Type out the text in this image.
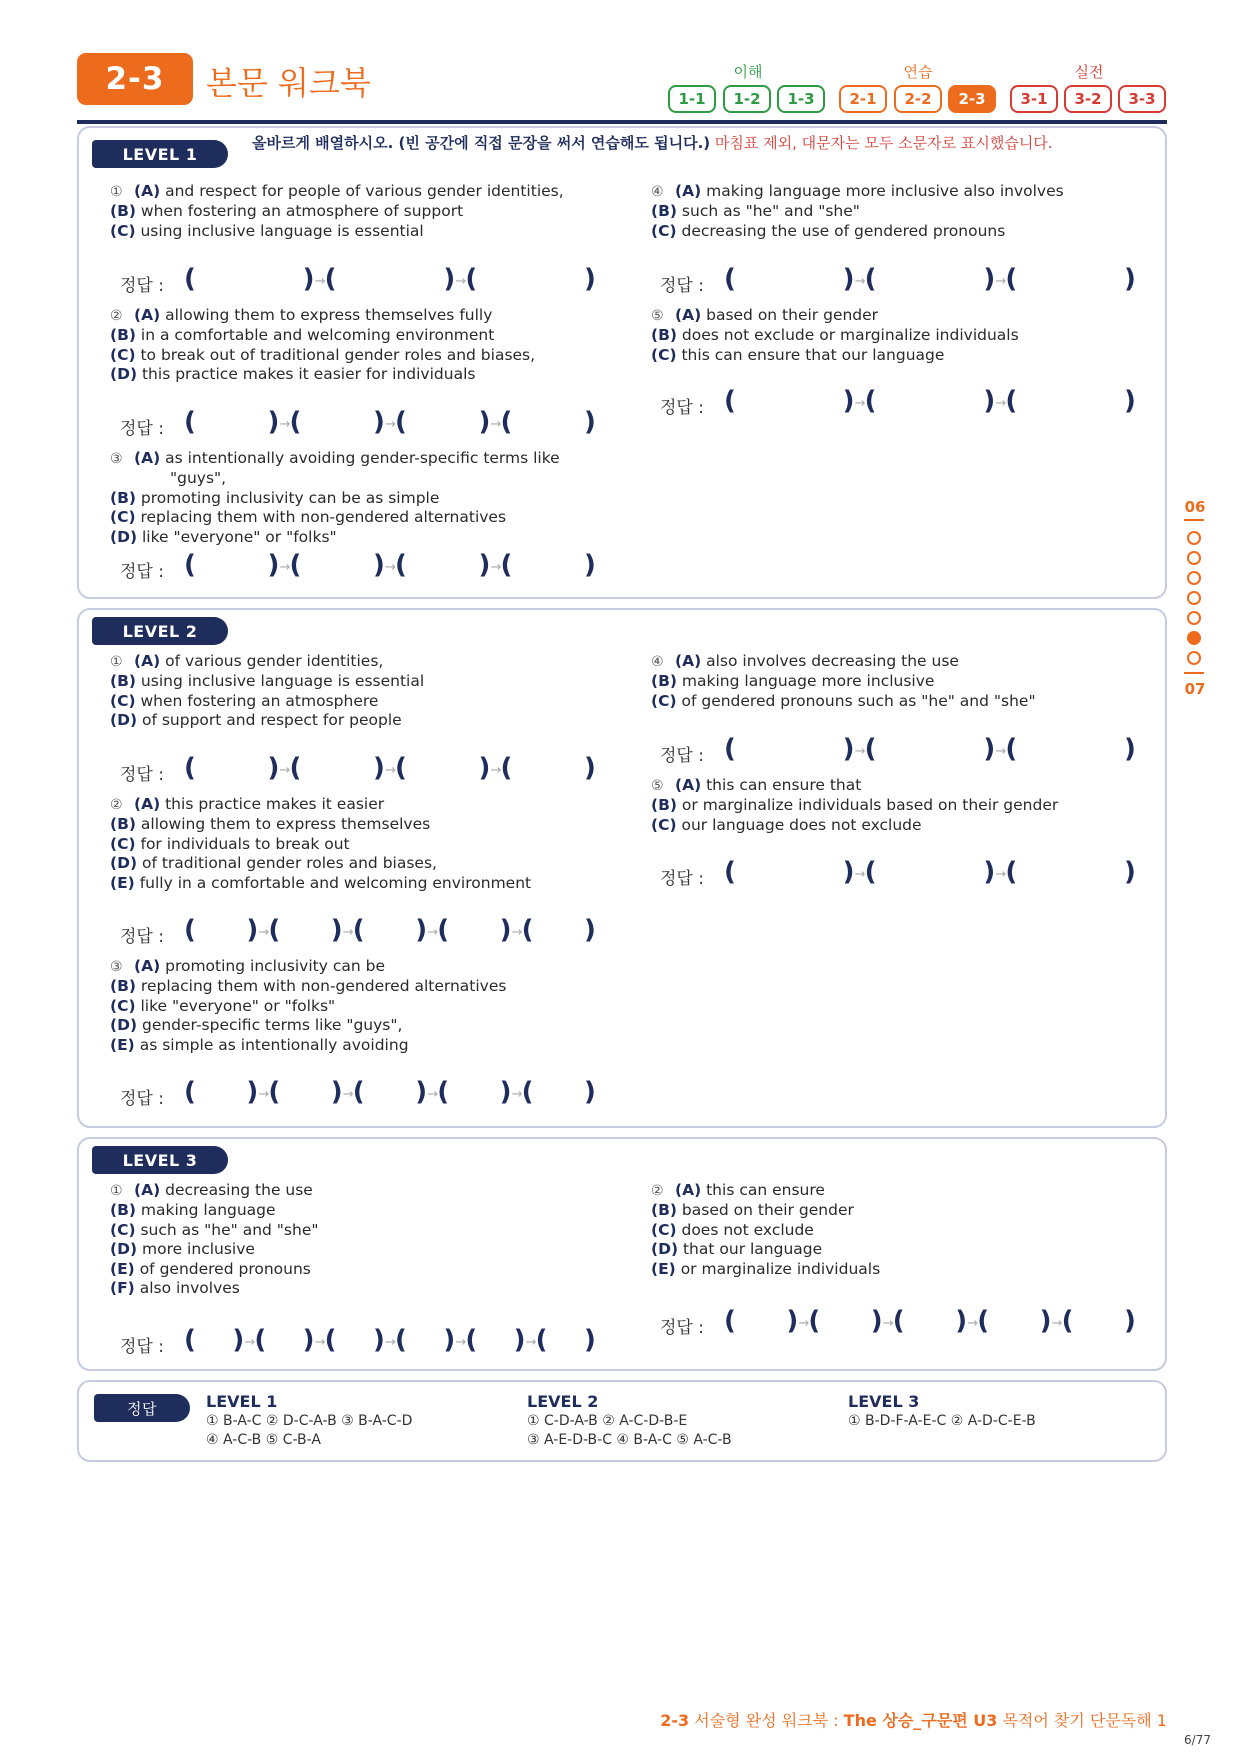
2-3	본문 워크북	이해	연습	실전
1-1	1-2	1-3	2-1	2-2	2-3	3-1	3-2	3-3
LEVEL 1
올바르게 배열하시오. (빈 공간에 직접 문장을 써서 연습해도 됩니다.) 마침표 제외, 대문자는 모두 소문자로 표시했습니다.
LEVEL 2
LEVEL 3
① (A) and respect for people of various gender identities,
(B) when fostering an atmosphere of support
(C) using inclusive language is essential
② (A) allowing them to express themselves fully
(B) in a comfortable and welcoming environment
(C) to break out of traditional gender roles and biases,
(D) this practice makes it easier for individuals
③ (A) as intentionally avoiding gender-specific terms like
"guys",
(B) promoting inclusivity can be as simple
(C) replacing them with non-gendered alternatives
(D) like "everyone" or "folks"
④ (A) making language more inclusive also involves
(B) such as "he" and "she"
(C) decreasing the use of gendered pronouns
⑤ (A) based on their gender
(B) does not exclude or marginalize individuals
(C) this can ensure that our language
① (A) of various gender identities,
(B) using inclusive language is essential
(C) when fostering an atmosphere
(D) of support and respect for people
② (A) this practice makes it easier
(B) allowing them to express themselves
(C) for individuals to break out
(D) of traditional gender roles and biases,
(E) fully in a comfortable and welcoming environment
③ (A) promoting inclusivity can be
(B) replacing them with non-gendered alternatives
(C) like "everyone" or "folks"
(D) gender-specific terms like "guys",
(E) as simple as intentionally avoiding
④ (A) also involves decreasing the use
(B) making language more inclusive
(C) of gendered pronouns such as "he" and "she"
⑤ (A) this can ensure that
(B) or marginalize individuals based on their gender
(C) our language does not exclude
① (A) decreasing the use
(B) making language
(C) such as "he" and "she"
(D) more inclusive
(E) of gendered pronouns
(F) also involves
② (A) this can ensure
(B) based on their gender
(C) does not exclude
(D) that our language
(E) or marginalize individuals
정답 : (	) → (	) → (	)	정답 : (	) → (	) → (	)
정답 : (	) → (	) → (	) → (	)	정답 : (	) → (	) → (	)
정답 : (	) → (	) → (	) → (	)
정답 : (	) → (	) → (	) → (	)	정답 : (	) → (	) → (	)
정답 : ( ) → ( ) → ( ) → ( ) → ( )
정답 : (	) → (	) → (	)
정답 : ( ) → ( ) → ( ) → ( ) → ( )
정답 : ( ) → ( ) → ( ) → ( ) → ( ) → ( )	정답 : ( ) → ( ) → ( ) → ( ) → ( )
정답	LEVEL 1
① B-A-C ② D-C-A-B ③ B-A-C-D
④ A-C-B ⑤ C-B-A
LEVEL 2
① C-D-A-B ② A-C-D-B-E
③ A-E-D-B-C ④ B-A-C ⑤ A-C-B
LEVEL 3
① B-D-F-A-E-C ② A-D-C-E-B
06
07
2-3 서술형 완성 워크북 : The 상승_구문편 U3 목적어 찾기 단문독해 1
6/77
